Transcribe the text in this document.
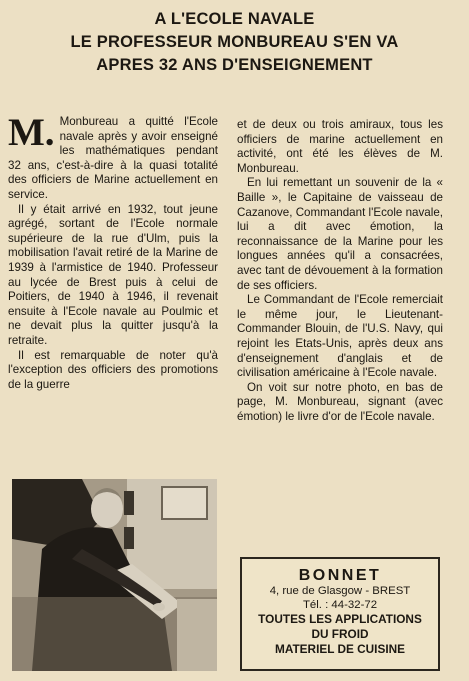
A L'ECOLE NAVALE
LE PROFESSEUR MONBUREAU S'EN VA
APRES 32 ANS D'ENSEIGNEMENT

M. Monbureau a quitté l'Ecole navale après y avoir enseigné les mathématiques pendant 32 ans, c'est-à-dire à la quasi totalité des officiers de Marine actuellement en service.

Il y était arrivé en 1932, tout jeune agrégé, sortant de l'Ecole normale supérieure de la rue d'Ulm, puis la mobilisation l'avait retiré de la Marine de 1939 à l'armistice de 1940. Professeur au lycée de Brest puis à celui de Poitiers, de 1940 à 1946, il revenait ensuite à l'Ecole navale au Poulmic et ne devait plus la quitter jusqu'à la retraite.

Il est remarquable de noter qu'à l'exception des officiers des promotions de la guerre

et de deux ou trois amiraux, tous les officiers de marine actuellement en activité, ont été les élèves de M. Monbureau.

En lui remettant un souvenir de la « Baille », le Capitaine de vaisseau de Cazanove, Commandant l'Ecole navale, lui a dit avec émotion, la reconnaissance de la Marine pour les longues années qu'il a consacrées, avec tant de dévouement à la formation de ses officiers.

Le Commandant de l'Ecole remerciait le même jour, le Lieutenant-Commander Blouin, de l'U.S. Navy, qui rejoint les Etats-Unis, après deux ans d'enseignement d'anglais et de civilisation américaine à l'Ecole navale.

On voit sur notre photo, en bas de page, M. Monbureau, signant (avec émotion) le livre d'or de l'Ecole navale.

BONNET
4, rue de Glasgow - BREST
Tél. : 44-32-72
TOUTES LES APPLICATIONS
DU FROID
MATERIEL DE CUISINE
